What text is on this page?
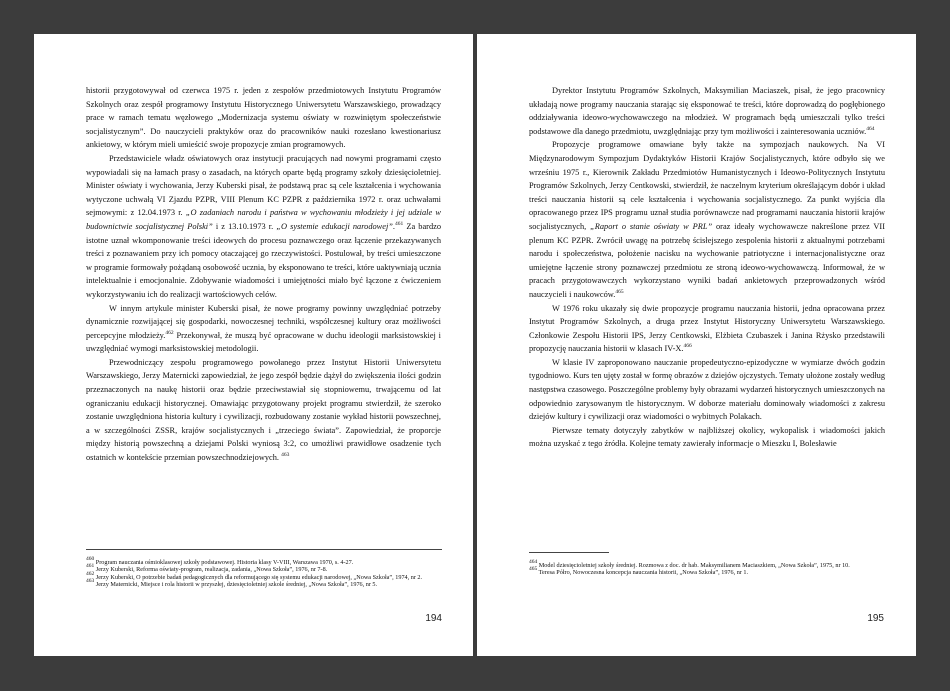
historii przygotowywał od czerwca 1975 r. jeden z zespołów przedmiotowych Instytutu Programów Szkolnych oraz zespół programowy Instytutu Historycznego Uniwersytetu Warszawskiego, prowadzący prace w ramach tematu węzłowego „Modernizacja systemu oświaty w rozwiniętym społeczeństwie socjalistycznym”. Do nauczycieli praktyków oraz do pracowników nauki rozesłano kwestionariusz ankietowy, w którym mieli umieścić swoje propozycje zmian programowych.

Przedstawiciele władz oświatowych oraz instytucji pracujących nad nowymi programami często wypowiadali się na łamach prasy o zasadach, na których oparte będą programy szkoły dziesięcioletniej. Minister oświaty i wychowania, Jerzy Kuberski pisał, że podstawą prac są cele kształcenia i wychowania wytyczone uchwałą VI Zjazdu PZPR, VIII Plenum KC PZPR z października 1972 r. oraz uchwałami sejmowymi: z 12.04.1973 r. „O zadaniach narodu i państwa w wychowaniu młodzieży i jej udziale w budownictwie socjalistycznej Polski” i z 13.10.1973 r. „O systemie edukacji narodowej”.$^{461}$ Za bardzo istotne uznał wkomponowanie treści ideowych do procesu poznawczego oraz łączenie przekazywanych treści z poznawaniem przy ich pomocy otaczającej go rzeczywistości. Postulował, by treści umieszczone w programie formowały pożądaną osobowość ucznia, by eksponowano te treści, które uaktywniają ucznia intelektualnie i emocjonalnie. Zdobywanie wiadomości i umiejętności miało być łączone z ćwiczeniem wykorzystywaniu ich do realizacji wartościowych celów.

W innym artykule minister Kuberski pisał, że nowe programy powinny uwzględniać potrzeby dynamicznie rozwijającej się gospodarki, nowoczesnej techniki, współczesnej kultury oraz możliwości percepcyjne młodzieży.$^{462}$ Przekonywał, że muszą być opracowane w duchu ideologii marksistowskiej i uwzględniać wymogi marksistowskiej metodologii.

Przewodniczący zespołu programowego powołanego przez Instytut Historii Uniwersytetu Warszawskiego, Jerzy Maternicki zapowiedział, że jego zespół będzie dążył do zwiększenia ilości godzin przeznaczonych na naukę historii oraz będzie przeciwstawiał się stopniowemu, trwającemu od lat ograniczaniu edukacji historycznej. Omawiając przygotowany projekt programu stwierdził, że szeroko zostanie uwzględniona historia kultury i cywilizacji, rozbudowany zostanie wykład historii powszechnej, a w szczególności ZSSR, krajów socjalistycznych i „trzeciego świata”. Zapowiedział, że proporcje między historią powszechną a dziejami Polski wyniosą 3:2, co umożliwi prawidłowe osadzenie tych ostatnich w kontekście przemian powszechnodziejowych. $^{463}$

$^{460}$ Program nauczania ośmioklasowej szkoły podstawowej. Historia klasy V-VIII, Warszawa 1970, s. 4-27.

$^{461}$ Jerzy Kuberski, Reforma oświaty-program, realizacja, zadania, „Nowa Szkoła”, 1976, nr 7-8.

$^{462}$ Jerzy Kuberski, O potrzebie badań pedagogicznych dla reformującego się systemu edukacji narodowej, „Nowa Szkoła”, 1974, nr 2.

$^{463}$ Jerzy Maternicki, Miejsce i rola historii w przyszłej, dziesięcioletniej szkole średniej, „Nowa Szkoła”, 1976, nr 5.

194

Dyrektor Instytutu Programów Szkolnych, Maksymilian Maciaszek, pisał, że jego pracownicy układają nowe programy nauczania starając się eksponować te treści, które doprowadzą do pogłębionego oddziaływania ideowo-wychowawczego na młodzież. W programach będą umieszczali tylko treści podstawowe dla danego przedmiotu, uwzględniając przy tym możliwości i zainteresowania uczniów.$^{464}$

Propozycje programowe omawiane były także na sympozjach naukowych. Na VI Międzynarodowym Sympozjum Dydaktyków Historii Krajów Socjalistycznych, które odbyło się we wrześniu 1975 r., Kierownik Zakładu Przedmiotów Humanistycznych i Ideowo-Politycznych Instytutu Programów Szkolnych, Jerzy Centkowski, stwierdził, że naczelnym kryterium określającym dobór i układ treści nauczania historii są cele kształcenia i wychowania socjalistycznego. Za punkt wyjścia dla opracowanego przez IPS programu uznał studia porównawcze nad programami nauczania historii krajów socjalistycznych, „Raport o stanie oświaty w PRL” oraz ideały wychowawcze nakreślone przez VII plenum KC PZPR. Zwrócił uwagę na potrzebę ścisłejszego zespolenia historii z aktualnymi potrzebami narodu i społeczeństwa, położenie nacisku na wychowanie patriotyczne i internacjonalistyczne oraz umiejętne łączenie strony poznawczej przedmiotu ze stroną ideowo-wychowawczą. Informował, że w pracach przygotowawczych wykorzystano wyniki badań ankietowych przeprowadzonych wśród nauczycieli i naukowców.$^{465}$

W 1976 roku ukazały się dwie propozycje programu nauczania historii, jedna opracowana przez Instytut Programów Szkolnych, a druga przez Instytut Historyczny Uniwersytetu Warszawskiego. Członkowie Zespołu Historii IPS, Jerzy Centkowski, Elżbieta Czubaszek i Janina Rżysko przedstawili propozycję nauczania historii w klasach IV-X.$^{466}$

W klasie IV zaproponowano nauczanie propedeutyczno-epizodyczne w wymiarze dwóch godzin tygodniowo. Kurs ten ujęty został w formę obrazów z dziejów ojczystych. Tematy ułożone zostały według następstwa czasowego. Poszczególne problemy były obrazami wydarzeń historycznych umieszczonych na odpowiednio zarysowanym tle historycznym. W doborze materiału dominowały wiadomości z zakresu dziejów kultury i cywilizacji oraz wiadomości o wybitnych Polakach.

Pierwsze tematy dotyczyły zabytków w najbliższej okolicy, wykopalisk i wiadomości jakich można uzyskać z tego źródła. Kolejne tematy zawierały informacje o Mieszku I, Bolesławie

$^{464}$ Model dziesięcioletniej szkoły średniej. Rozmowa z doc. dr hab. Maksymilianem Maciaszkiem, „Nowa Szkoła”, 1975, nr 10.

$^{465}$ Teresa Półro, Nowoczesna koncepcja nauczania historii, „Nowa Szkoła”, 1976, nr 1.

195
